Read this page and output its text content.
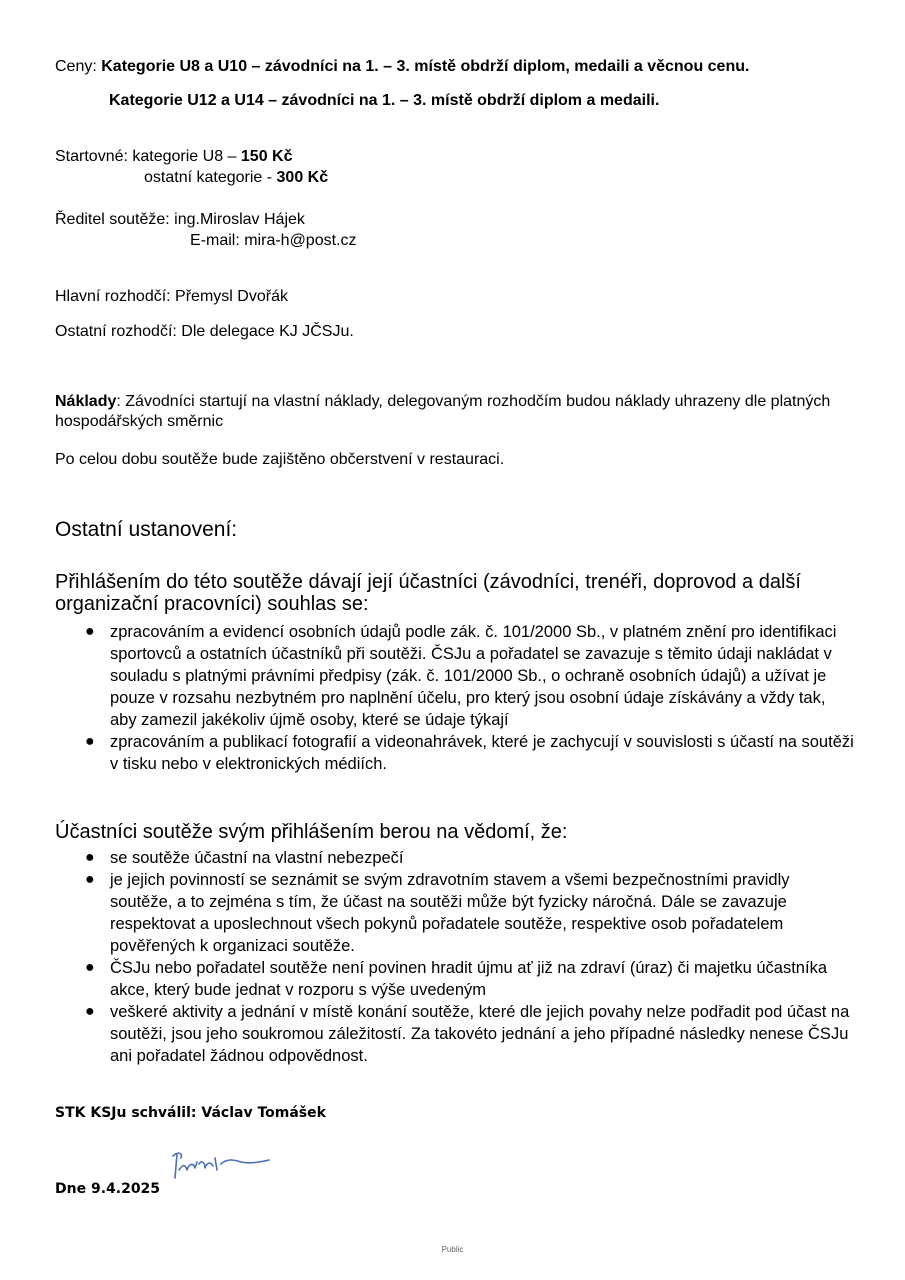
Ceny: Kategorie U8 a U10 – závodníci na 1. – 3. místě obdrží diplom, medaili a věcnou cenu.
Kategorie U12 a U14 – závodníci na 1. – 3. místě obdrží diplom a medaili.
Startovné: kategorie U8 – 150 Kč
ostatní kategorie - 300 Kč
Ředitel soutěže: ing.Miroslav Hájek
E-mail: mira-h@post.cz
Hlavní rozhodčí: Přemysl Dvořák
Ostatní rozhodčí: Dle delegace KJ JČSJu.
Náklady: Závodníci startují na vlastní náklady, delegovaným rozhodčím budou náklady uhrazeny dle platných hospodářských směrnic
Po celou dobu soutěže bude zajištěno občerstvení v restauraci.
Ostatní ustanovení:
Přihlášením do této soutěže dávají její účastníci (závodníci, trenéři, doprovod a další organizační pracovníci) souhlas se:
● zpracováním a evidencí osobních údajů podle zák. č. 101/2000 Sb., v platném znění pro identifikaci sportovců a ostatních účastníků při soutěži. ČSJu a pořadatel se zavazuje s těmito údaji nakládat v souladu s platnými právními předpisy (zák. č. 101/2000 Sb., o ochraně osobních údajů) a užívat je pouze v rozsahu nezbytném pro naplnění účelu, pro který jsou osobní údaje získávány a vždy tak, aby zamezil jakékoliv újmě osoby, které se údaje týkají
● zpracováním a publikací fotografií a videonahrávek, které je zachycují v souvislosti s účastí na soutěži v tisku nebo v elektronických médiích.
Účastníci soutěže svým přihlášením berou na vědomí, že:
● se soutěže účastní na vlastní nebezpečí
● je jejich povinností se seznámit se svým zdravotním stavem a všemi bezpečnostními pravidly soutěže, a to zejména s tím, že účast na soutěži může být fyzicky náročná. Dále se zavazuje respektovat a uposlechnout všech pokynů pořadatele soutěže, respektive osob pořadatelem pověřených k organizaci soutěže.
● ČSJu nebo pořadatel soutěže není povinen hradit újmu ať již na zdraví (úraz) či majetku účastníka akce, který bude jednat v rozporu s výše uvedeným
● veškeré aktivity a jednání v místě konání soutěže, které dle jejich povahy nelze podřadit pod účast na soutěži, jsou jeho soukromou záležitostí. Za takovéto jednání a jeho případné následky nenese ČSJu ani pořadatel žádnou odpovědnost.
STK KSJu schválil: Václav Tomášek
Dne 9.4.2025
Public
